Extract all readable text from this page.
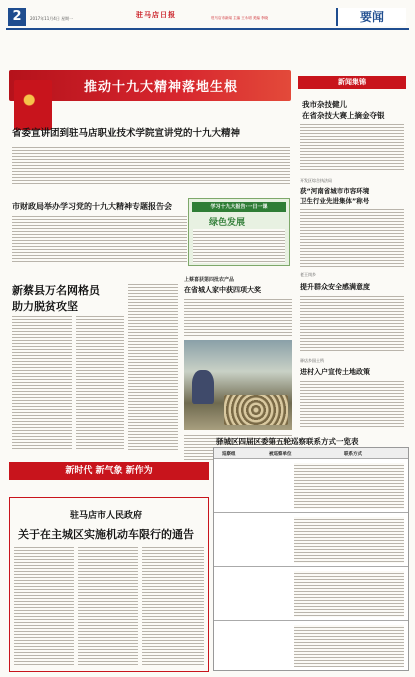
2	2017年11月4日 星期一	驻马店日报	驻马店市新闻 主编 王永明 美编 李晓	要闻
推动十九大精神落地生根
省委宣讲团到驻马店职业技术学院宣讲党的十九大精神
市财政局举办学习党的十九大精神专题报告会	学习十九大报告·一日一课
绿色发展
新蔡县万名网格员
助力脱贫攻坚
上蔡喜获第四批农产品
在省城人家中获四项大奖
新时代 新气象 新作为
驻马店市人民政府
关于在主城区实施机动车限行的通告
新闻集锦
我市杂技健儿
在省杂技大赛上摘金夺银
开发区综合执法局
获“河南省城市市容环境
卫生行业先进集体”称号
老王岗乡
提升群众安全感满意度
驿店乡国土所
进村入户宣传土地政策
驿城区四届区委第五轮巡察联系方式一览表
巡察组	被巡察单位	联系方式
